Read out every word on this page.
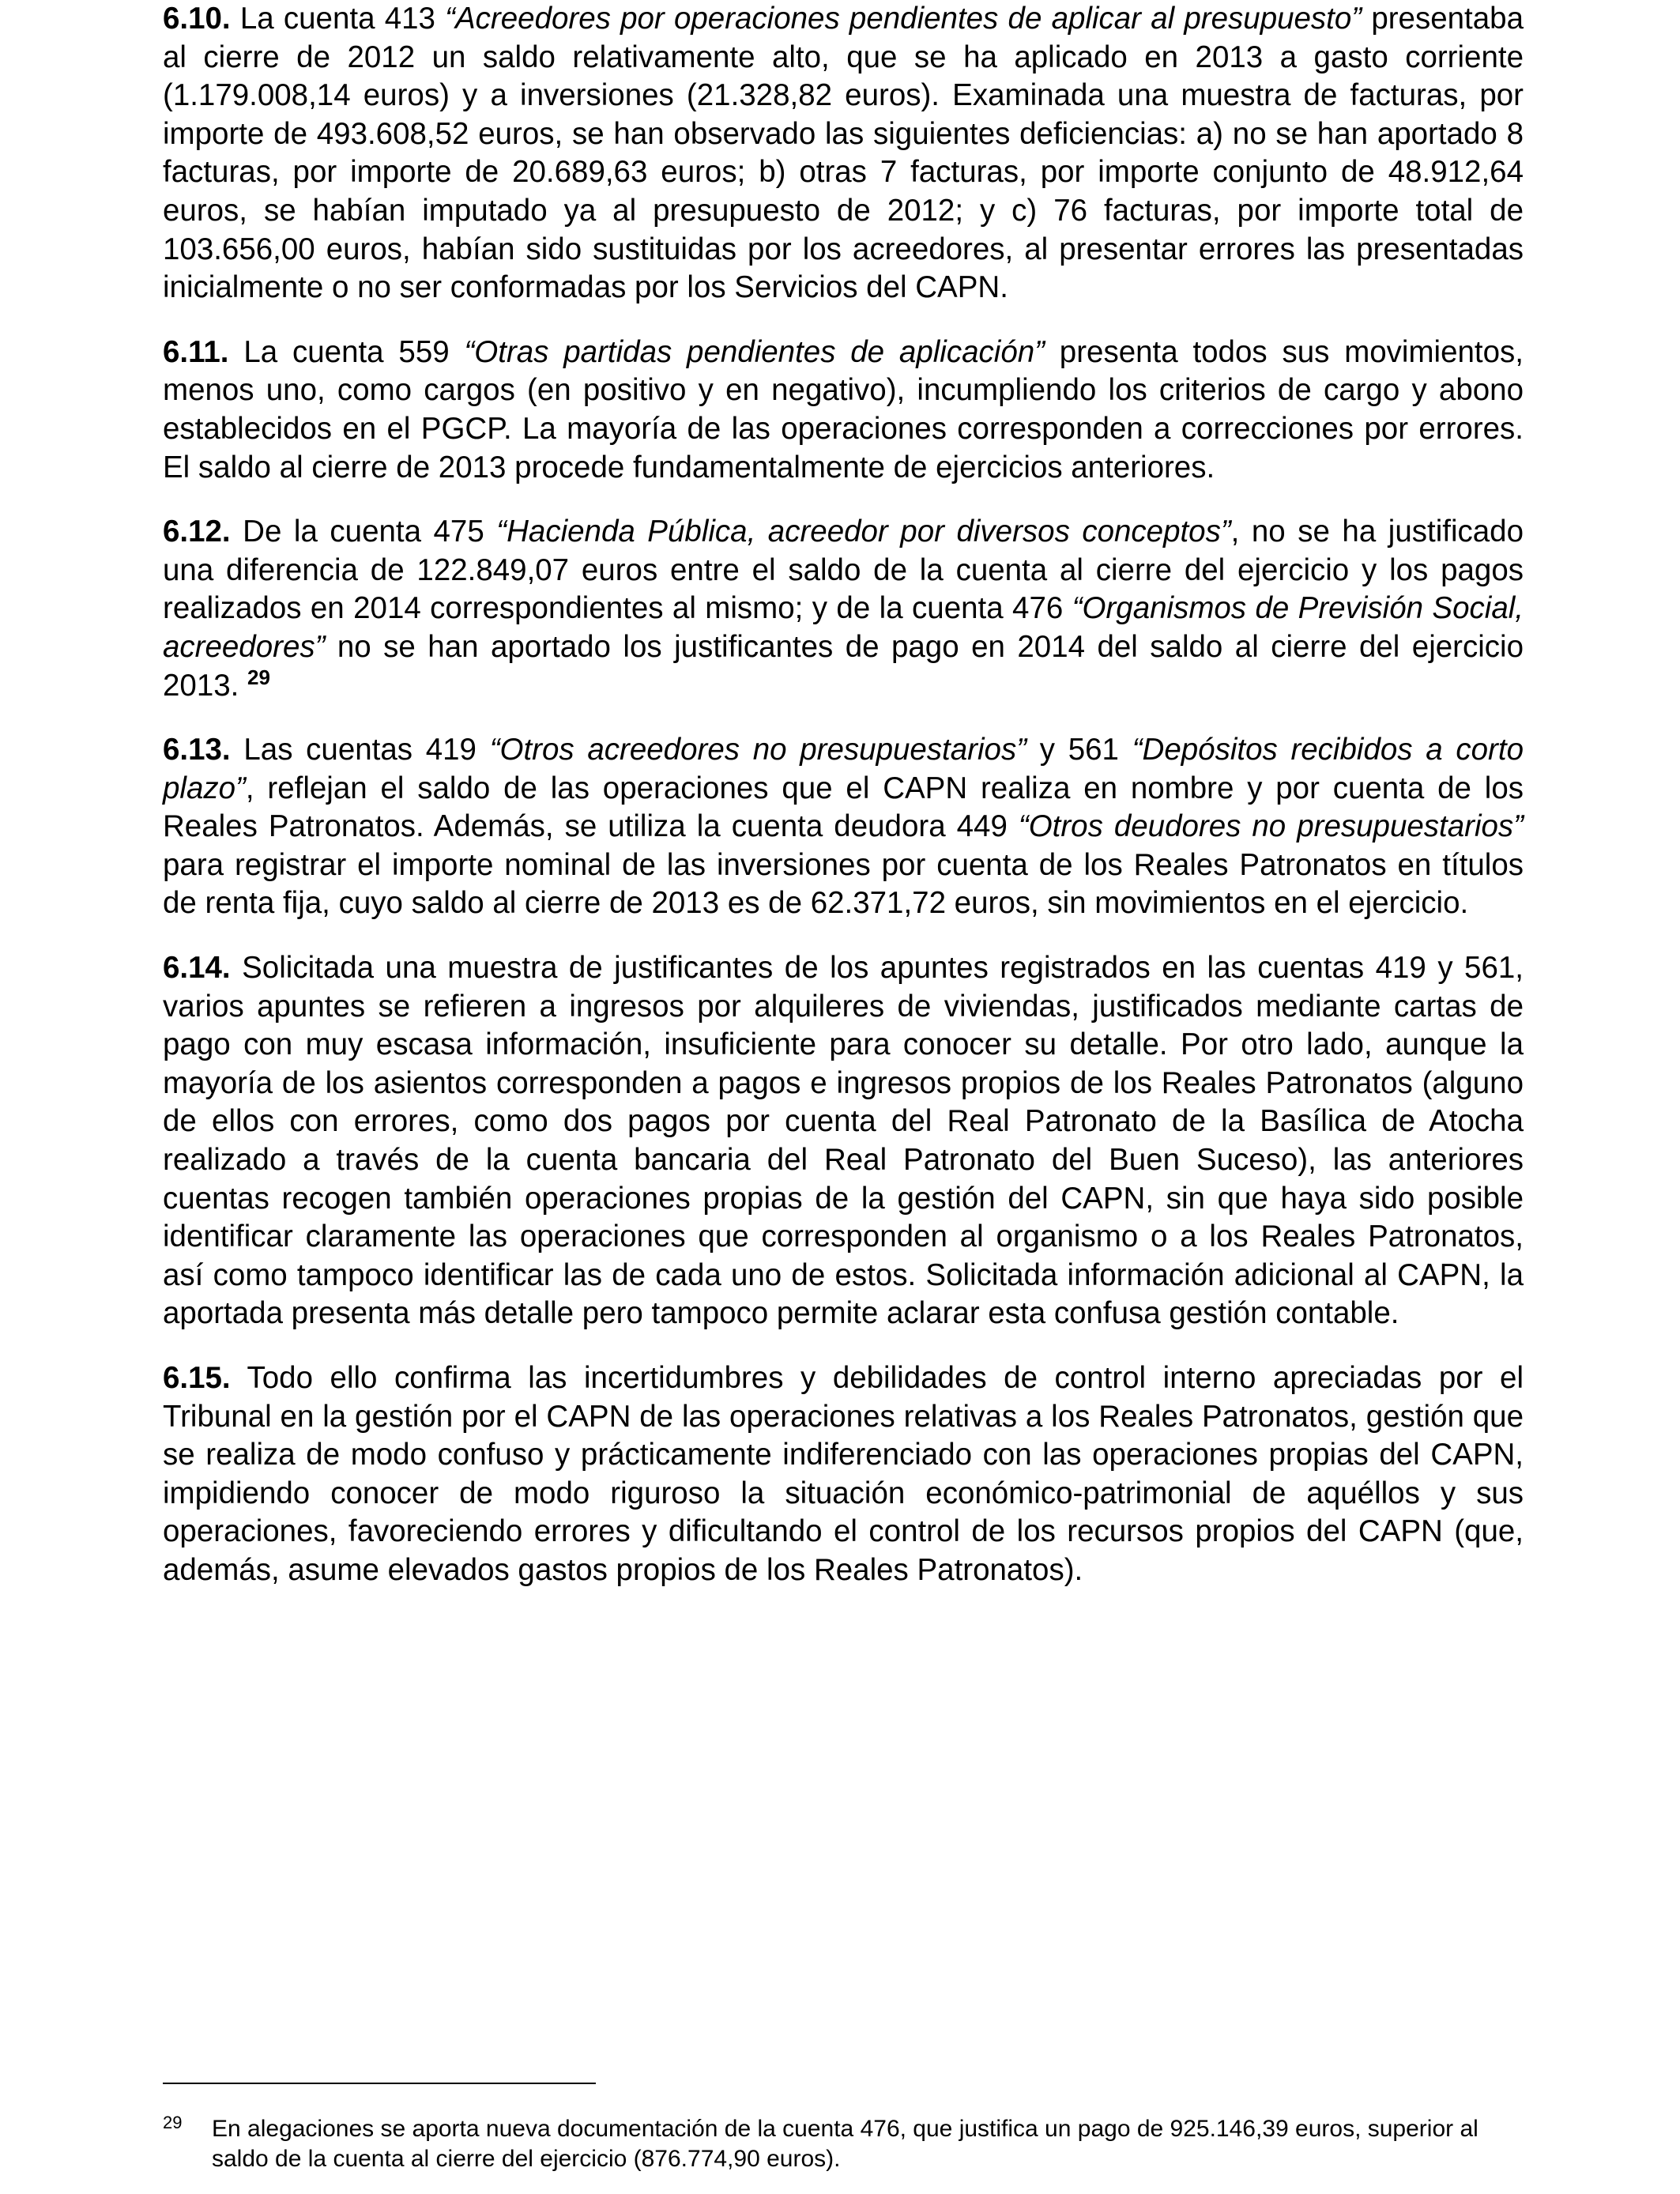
6.10. La cuenta 413 “Acreedores por operaciones pendientes de aplicar al presupuesto” presentaba al cierre de 2012 un saldo relativamente alto, que se ha aplicado en 2013 a gasto corriente (1.179.008,14 euros) y a inversiones (21.328,82 euros). Examinada una muestra de facturas, por importe de 493.608,52 euros, se han observado las siguientes deficiencias: a) no se han aportado 8 facturas, por importe de 20.689,63 euros; b) otras 7 facturas, por importe conjunto de 48.912,64 euros, se habían imputado ya al presupuesto de 2012; y c) 76 facturas, por importe total de 103.656,00 euros, habían sido sustituidas por los acreedores, al presentar errores las presentadas inicialmente o no ser conformadas por los Servicios del CAPN.

6.11. La cuenta 559 “Otras partidas pendientes de aplicación” presenta todos sus movimientos, menos uno, como cargos (en positivo y en negativo), incumpliendo los criterios de cargo y abono establecidos en el PGCP. La mayoría de las operaciones corresponden a correcciones por errores. El saldo al cierre de 2013 procede fundamentalmente de ejercicios anteriores.

6.12. De la cuenta 475 “Hacienda Pública, acreedor por diversos conceptos”, no se ha justificado una diferencia de 122.849,07 euros entre el saldo de la cuenta al cierre del ejercicio y los pagos realizados en 2014 correspondientes al mismo; y de la cuenta 476 “Organismos de Previsión Social, acreedores” no se han aportado los justificantes de pago en 2014 del saldo al cierre del ejercicio 2013. $^{29}$

6.13. Las cuentas 419 “Otros acreedores no presupuestarios” y 561 “Depósitos recibidos a corto plazo”, reflejan el saldo de las operaciones que el CAPN realiza en nombre y por cuenta de los Reales Patronatos. Además, se utiliza la cuenta deudora 449 “Otros deudores no presupuestarios” para registrar el importe nominal de las inversiones por cuenta de los Reales Patronatos en títulos de renta fija, cuyo saldo al cierre de 2013 es de 62.371,72 euros, sin movimientos en el ejercicio.

6.14. Solicitada una muestra de justificantes de los apuntes registrados en las cuentas 419 y 561, varios apuntes se refieren a ingresos por alquileres de viviendas, justificados mediante cartas de pago con muy escasa información, insuficiente para conocer su detalle. Por otro lado, aunque la mayoría de los asientos corresponden a pagos e ingresos propios de los Reales Patronatos (alguno de ellos con errores, como dos pagos por cuenta del Real Patronato de la Basílica de Atocha realizado a través de la cuenta bancaria del Real Patronato del Buen Suceso), las anteriores cuentas recogen también operaciones propias de la gestión del CAPN, sin que haya sido posible identificar claramente las operaciones que corresponden al organismo o a los Reales Patronatos, así como tampoco identificar las de cada uno de estos. Solicitada información adicional al CAPN, la aportada presenta más detalle pero tampoco permite aclarar esta confusa gestión contable.

6.15. Todo ello confirma las incertidumbres y debilidades de control interno apreciadas por el Tribunal en la gestión por el CAPN de las operaciones relativas a los Reales Patronatos, gestión que se realiza de modo confuso y prácticamente indiferenciado con las operaciones propias del CAPN, impidiendo conocer de modo riguroso la situación económico-patrimonial de aquéllos y sus operaciones, favoreciendo errores y dificultando el control de los recursos propios del CAPN (que, además, asume elevados gastos propios de los Reales Patronatos).

29 En alegaciones se aporta nueva documentación de la cuenta 476, que justifica un pago de 925.146,39 euros, superior al saldo de la cuenta al cierre del ejercicio (876.774,90 euros).
